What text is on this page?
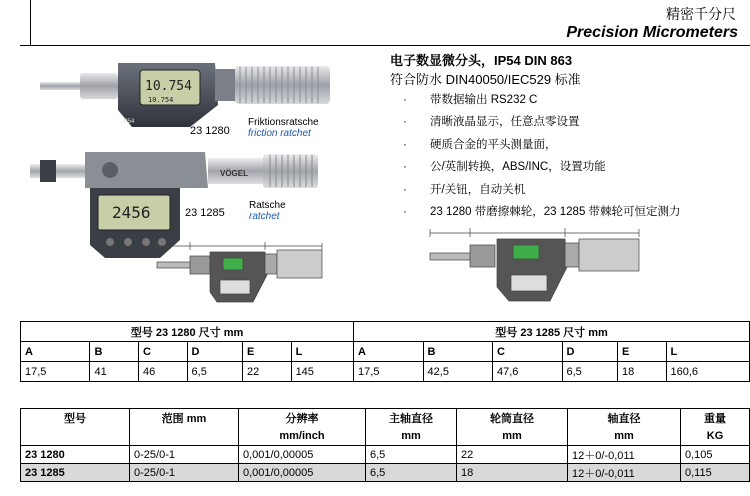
精密千分尺
Precision Micrometers
10.754
10.754
IP54	Friktionsratsche
friction ratchet
23 1280
VÖGEL
2456	23 1285
Ratsche
ratchet
电子数显微分头，IP54 DIN 863
符合防水 DIN40050/IEC529 标准
· 带数据输出 RS232 C
· 清晰液晶显示，任意点零设置
· 硬质合金的平头测量面，
· 公/英制转换，ABS/INC，设置功能
· 开/关钮，自动关机
· 23 1280 带磨擦棘轮，23 1285 带棘轮可恒定测力
型号 23 1280 尺寸 mm						型号 23 1285 尺寸 mm					
A	B	C	D	E	L	A	B	C	D	E	L
17,5	41	46	6,5	22	145	17,5	42,5	47,6	6,5	18	160,6
型号	范围 mm	分辨率	主轴直径	轮筒直径	轴直径	重量
		mm/inch	mm	mm	mm	KG
23 1280	0-25/0-1	0,001/0,00005	6,5	22	12＋0/-0,011	0,105
23 1285	0-25/0-1	0,001/0,00005	6,5	18	12＋0/-0,011	0,115
